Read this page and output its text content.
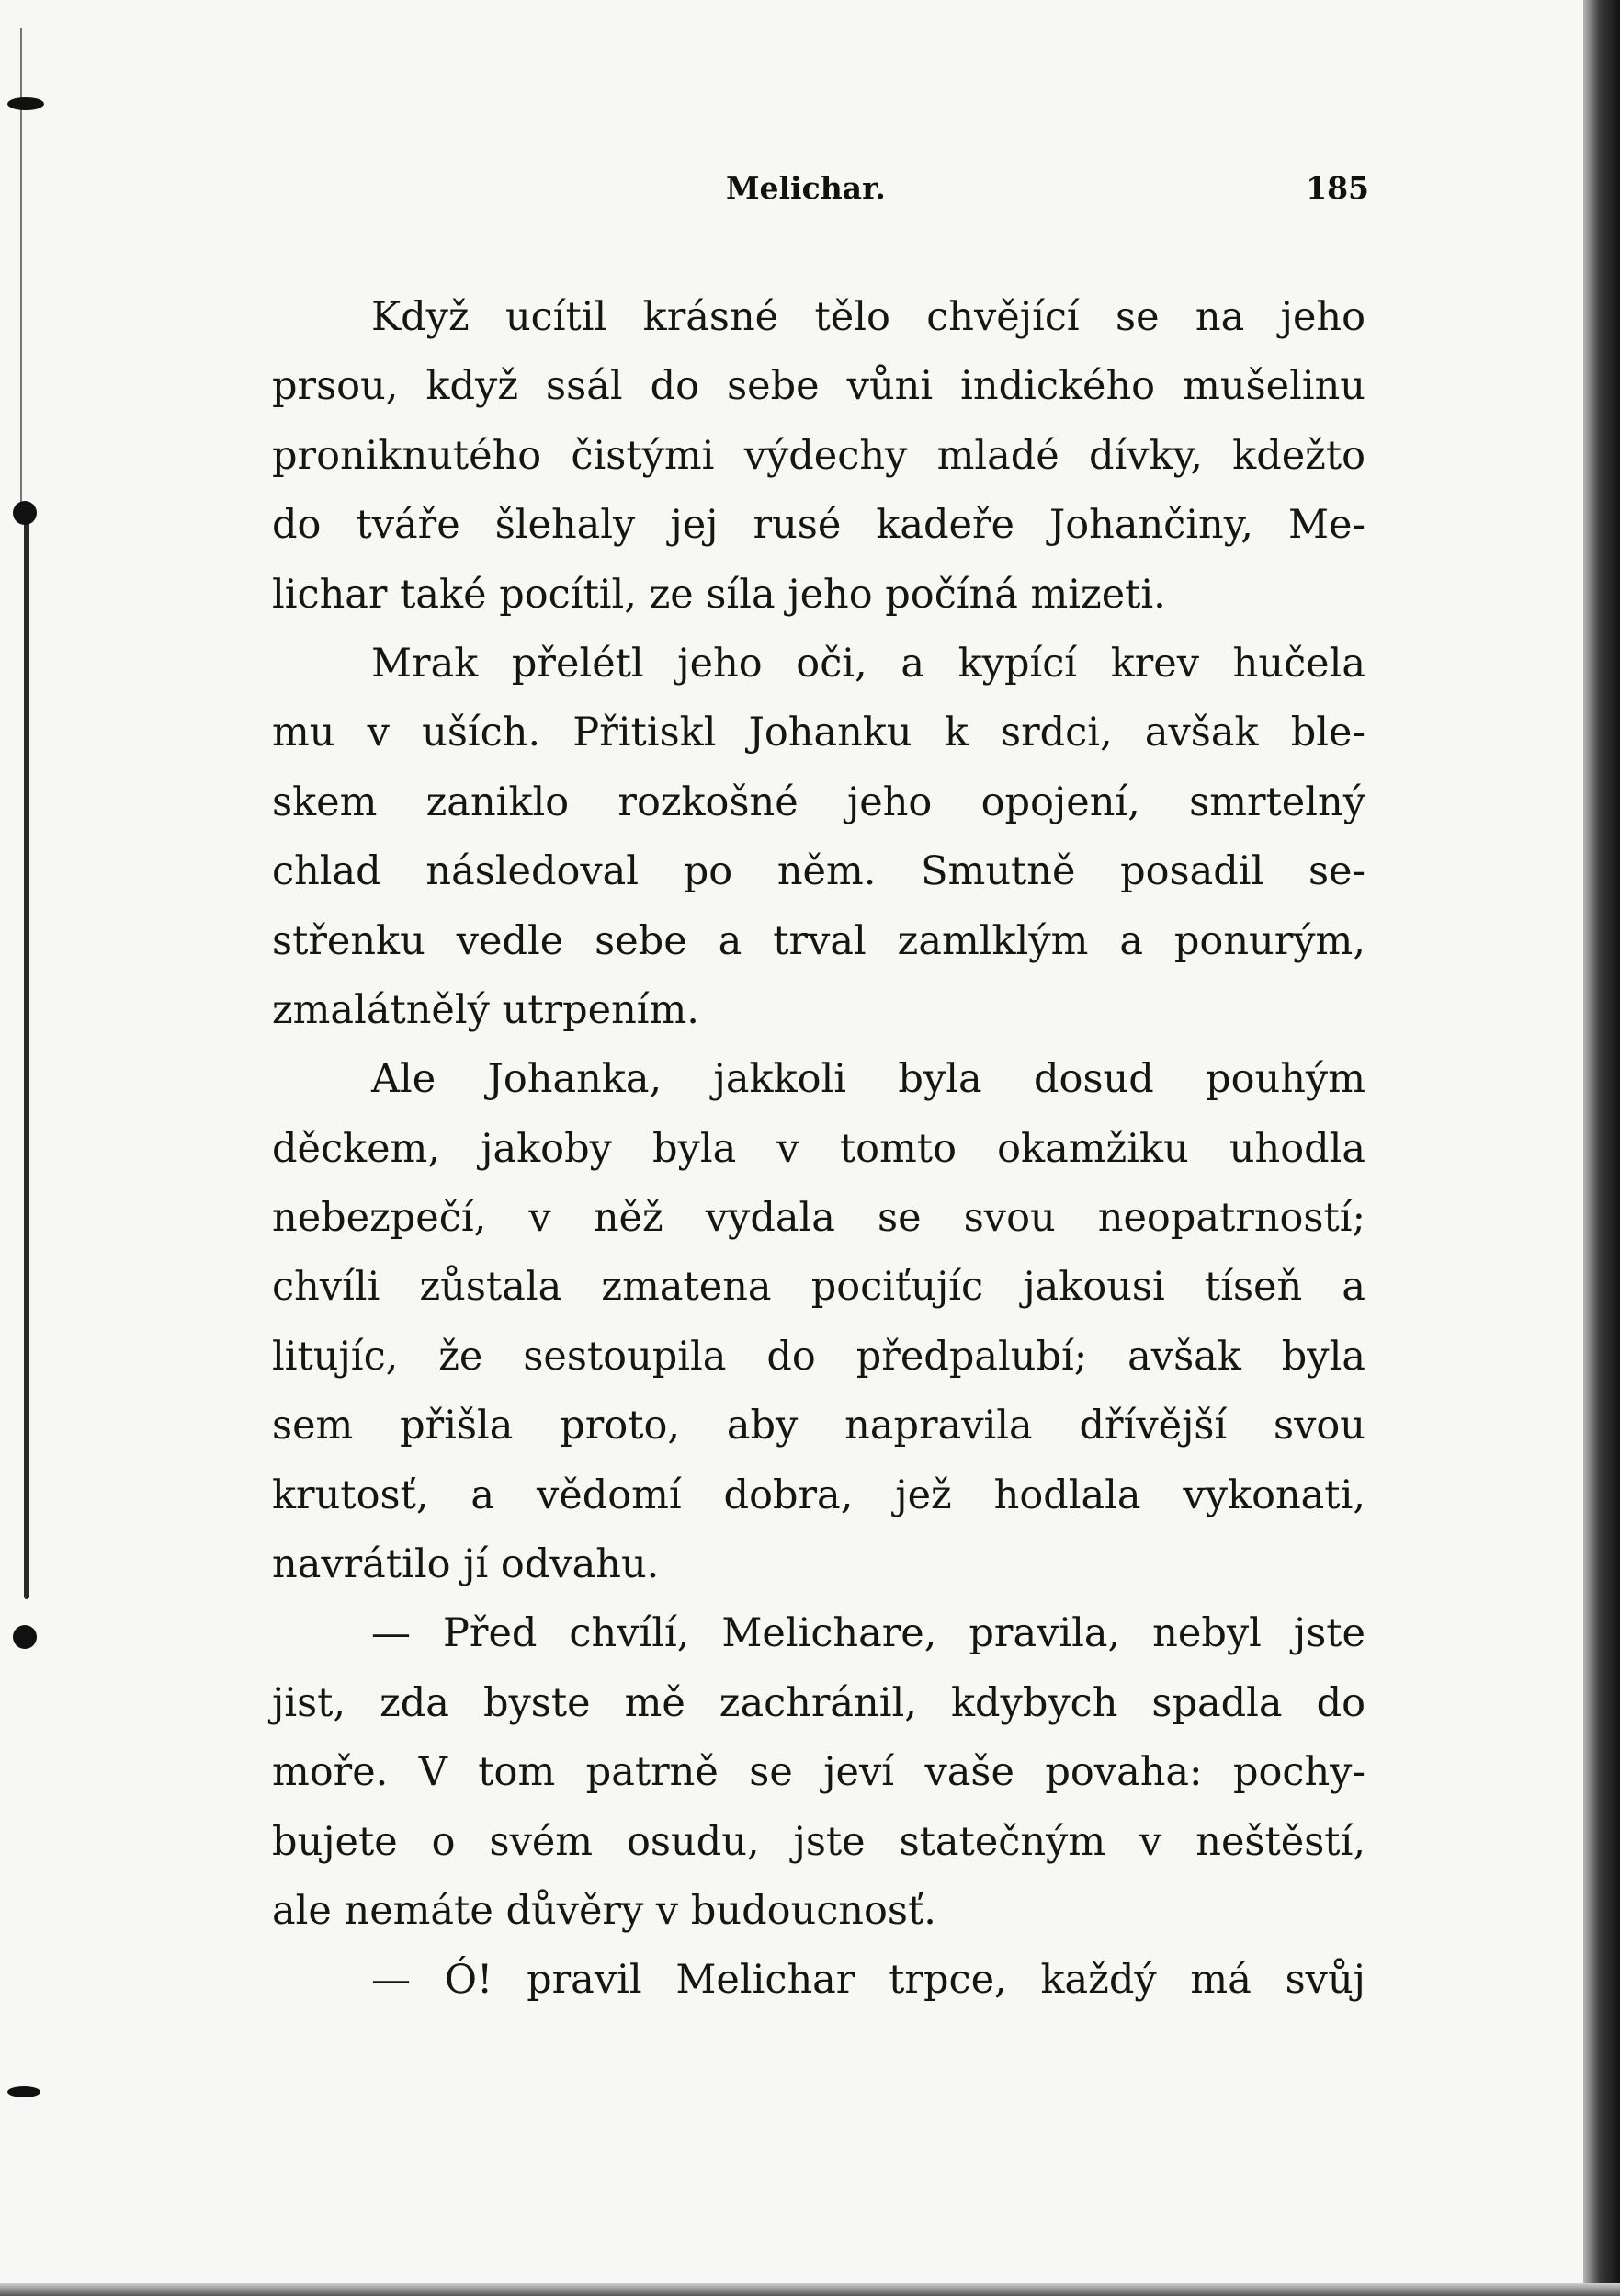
Melichar.	185
Když ucítil krásné tělo chvějící se na jeho
prsou, když ssál do sebe vůni indického mušelinu
proniknutého čistými výdechy mladé dívky, kdežto
do tváře šlehaly jej rusé kadeře Johančiny, Me-
lichar také pocítil, ze síla jeho počíná mizeti.
Mrak přelétl jeho oči, a kypící krev hučela
mu v uších. Přitiskl Johanku k srdci, avšak ble-
skem zaniklo rozkošné jeho opojení, smrtelný
chlad následoval po něm. Smutně posadil se-
střenku vedle sebe a trval zamlklým a ponurým,
zmalátnělý utrpením.
Ale Johanka, jakkoli byla dosud pouhým
děckem, jakoby byla v tomto okamžiku uhodla
nebezpečí, v něž vydala se svou neopatrností;
chvíli zůstala zmatena pociťujíc jakousi tíseň a
litujíc, že sestoupila do předpalubí; avšak byla
sem přišla proto, aby napravila dřívější svou
krutosť, a vědomí dobra, jež hodlala vykonati,
navrátilo jí odvahu.
— Před chvílí, Melichare, pravila, nebyl jste
jist, zda byste mě zachránil, kdybych spadla do
moře. V tom patrně se jeví vaše povaha: pochy-
bujete o svém osudu, jste statečným v neštěstí,
ale nemáte důvěry v budoucnosť.
— Ó! pravil Melichar trpce, každý má svůj
